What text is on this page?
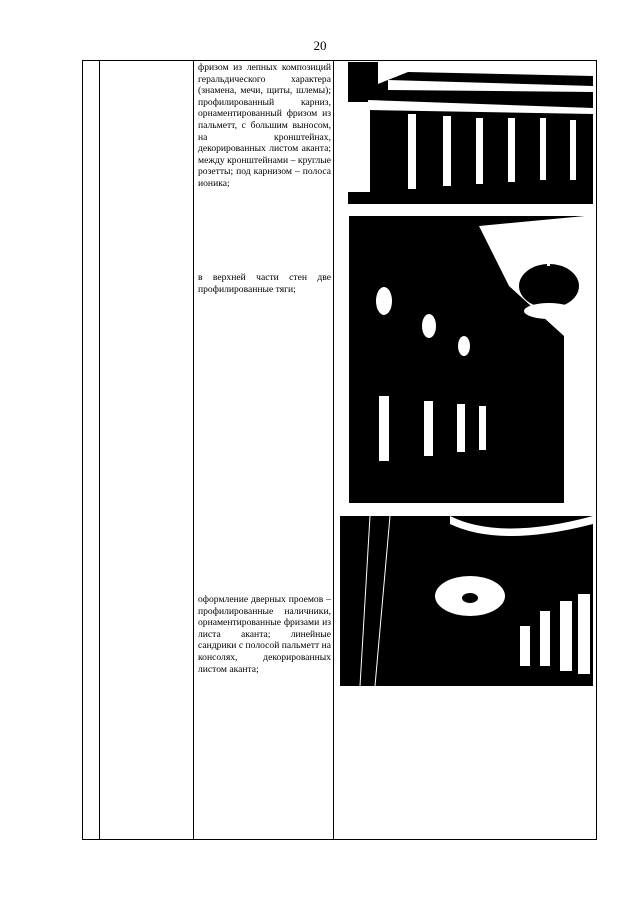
20
фризом из лепных композиций геральдического характера (знамена, мечи, щиты, шлемы); профилированный карниз, орнаментированный фризом из пальметт, с большим выносом, на кронштейнах, декорированных листом аканта; между кронштейнами – круглые розетты; под карнизом – полоса ионика;
в верхней части стен две профилированные тяги;
оформление дверных проемов – профилированные наличники, орнаментированные фризами из листа аканта; линейные сандрики с полосой пальметт на консолях, декорированных листом аканта;
